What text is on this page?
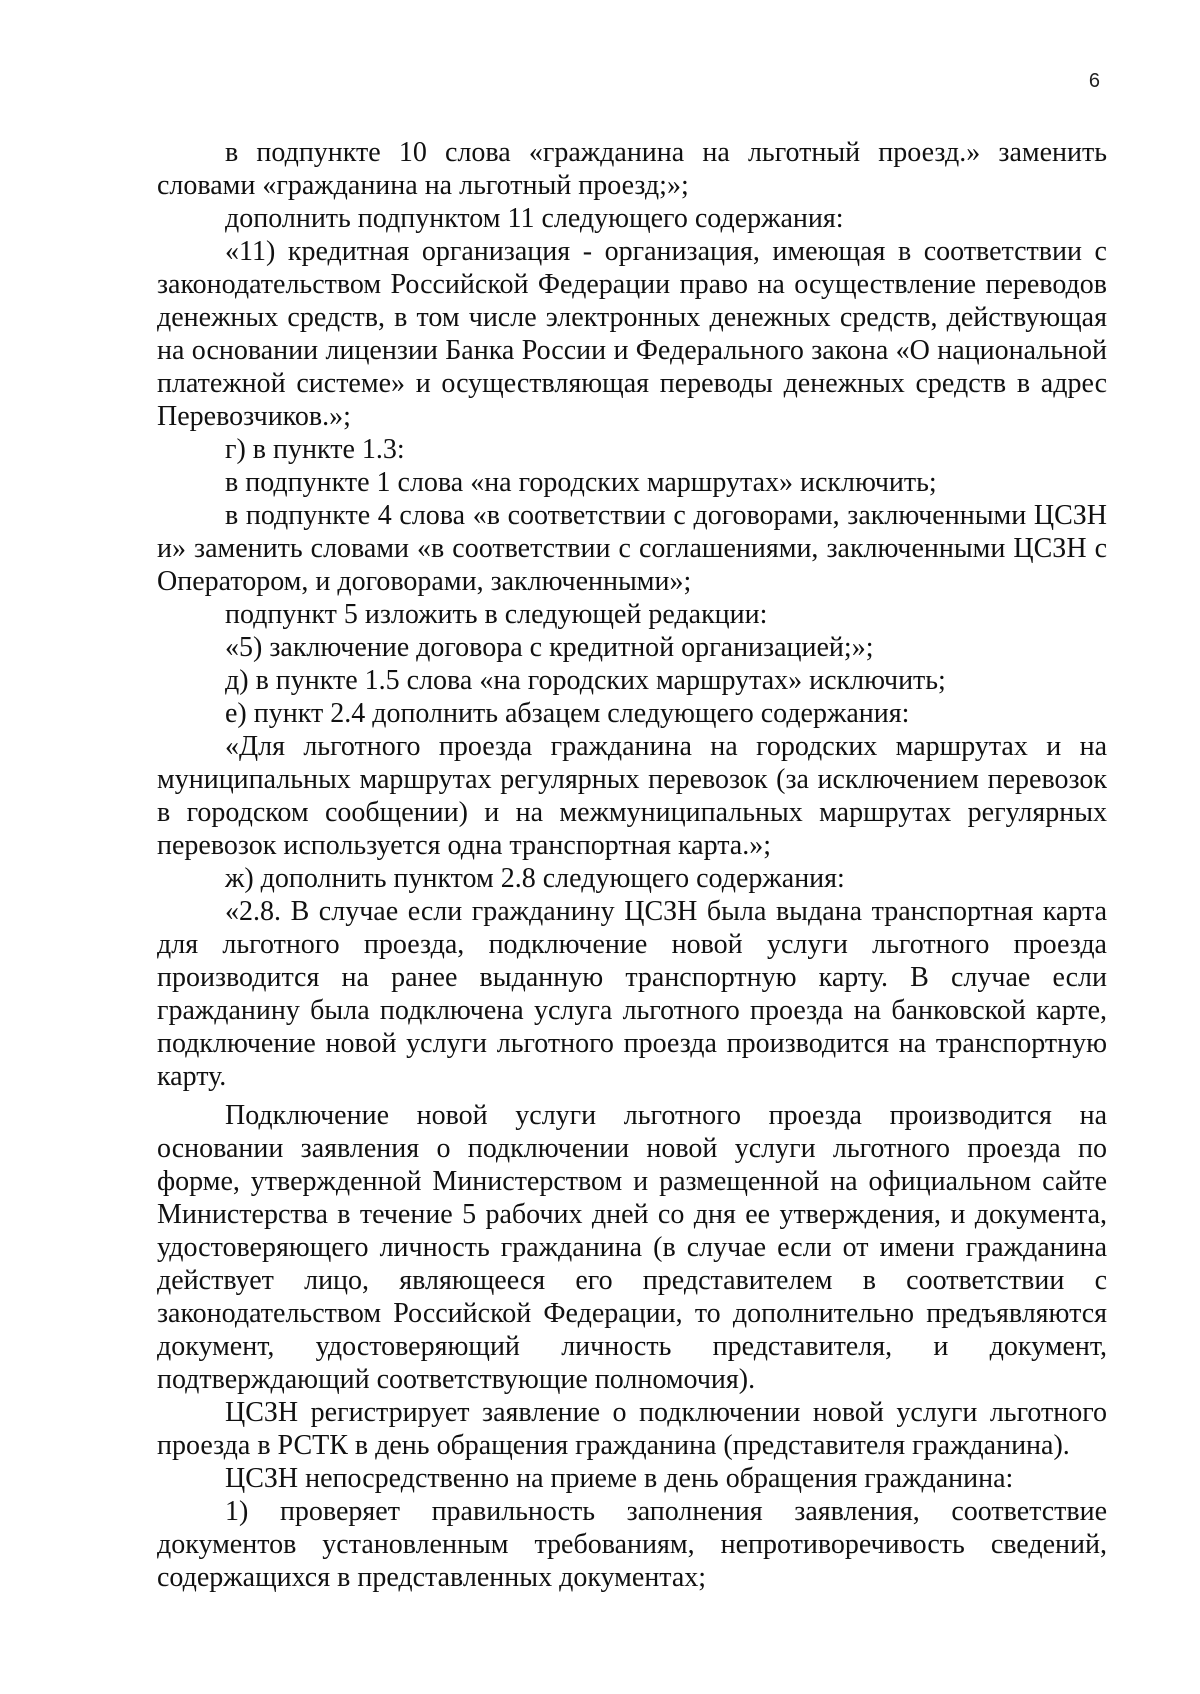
6

в подпункте 10 слова «гражданина на льготный проезд.» заменить словами «гражданина на льготный проезд;»;

дополнить подпунктом 11 следующего содержания:

«11) кредитная организация - организация, имеющая в соответствии с законодательством Российской Федерации право на осуществление переводов денежных средств, в том числе электронных денежных средств, действующая на основании лицензии Банка России и Федерального закона «О национальной платежной системе» и осуществляющая переводы денежных средств в адрес Перевозчиков.»;

г) в пункте 1.3:

в подпункте 1 слова «на городских маршрутах» исключить;

в подпункте 4 слова «в соответствии с договорами, заключенными ЦСЗН и» заменить словами «в соответствии с соглашениями, заключенными ЦСЗН с Оператором, и договорами, заключенными»;

подпункт 5 изложить в следующей редакции:

«5) заключение договора с кредитной организацией;»;

д) в пункте 1.5 слова «на городских маршрутах» исключить;

е) пункт 2.4 дополнить абзацем следующего содержания:

«Для льготного проезда гражданина на городских маршрутах и на муниципальных маршрутах регулярных перевозок (за исключением перевозок в городском сообщении) и на межмуниципальных маршрутах регулярных перевозок используется одна транспортная карта.»;

ж) дополнить пунктом 2.8 следующего содержания:

«2.8. В случае если гражданину ЦСЗН была выдана транспортная карта для льготного проезда, подключение новой услуги льготного проезда производится на ранее выданную транспортную карту. В случае если гражданину была подключена услуга льготного проезда на банковской карте, подключение новой услуги льготного проезда производится на транспортную карту.

Подключение новой услуги льготного проезда производится на основании заявления о подключении новой услуги льготного проезда по форме, утвержденной Министерством и размещенной на официальном сайте Министерства в течение 5 рабочих дней со дня ее утверждения, и документа, удостоверяющего личность гражданина (в случае если от имени гражданина действует лицо, являющееся его представителем в соответствии с законодательством Российской Федерации, то дополнительно предъявляются документ, удостоверяющий личность представителя, и документ, подтверждающий соответствующие полномочия).

ЦСЗН регистрирует заявление о подключении новой услуги льготного проезда в РСТК в день обращения гражданина (представителя гражданина).

ЦСЗН непосредственно на приеме в день обращения гражданина:

1) проверяет правильность заполнения заявления, соответствие документов установленным требованиям, непротиворечивость сведений, содержащихся в представленных документах;
